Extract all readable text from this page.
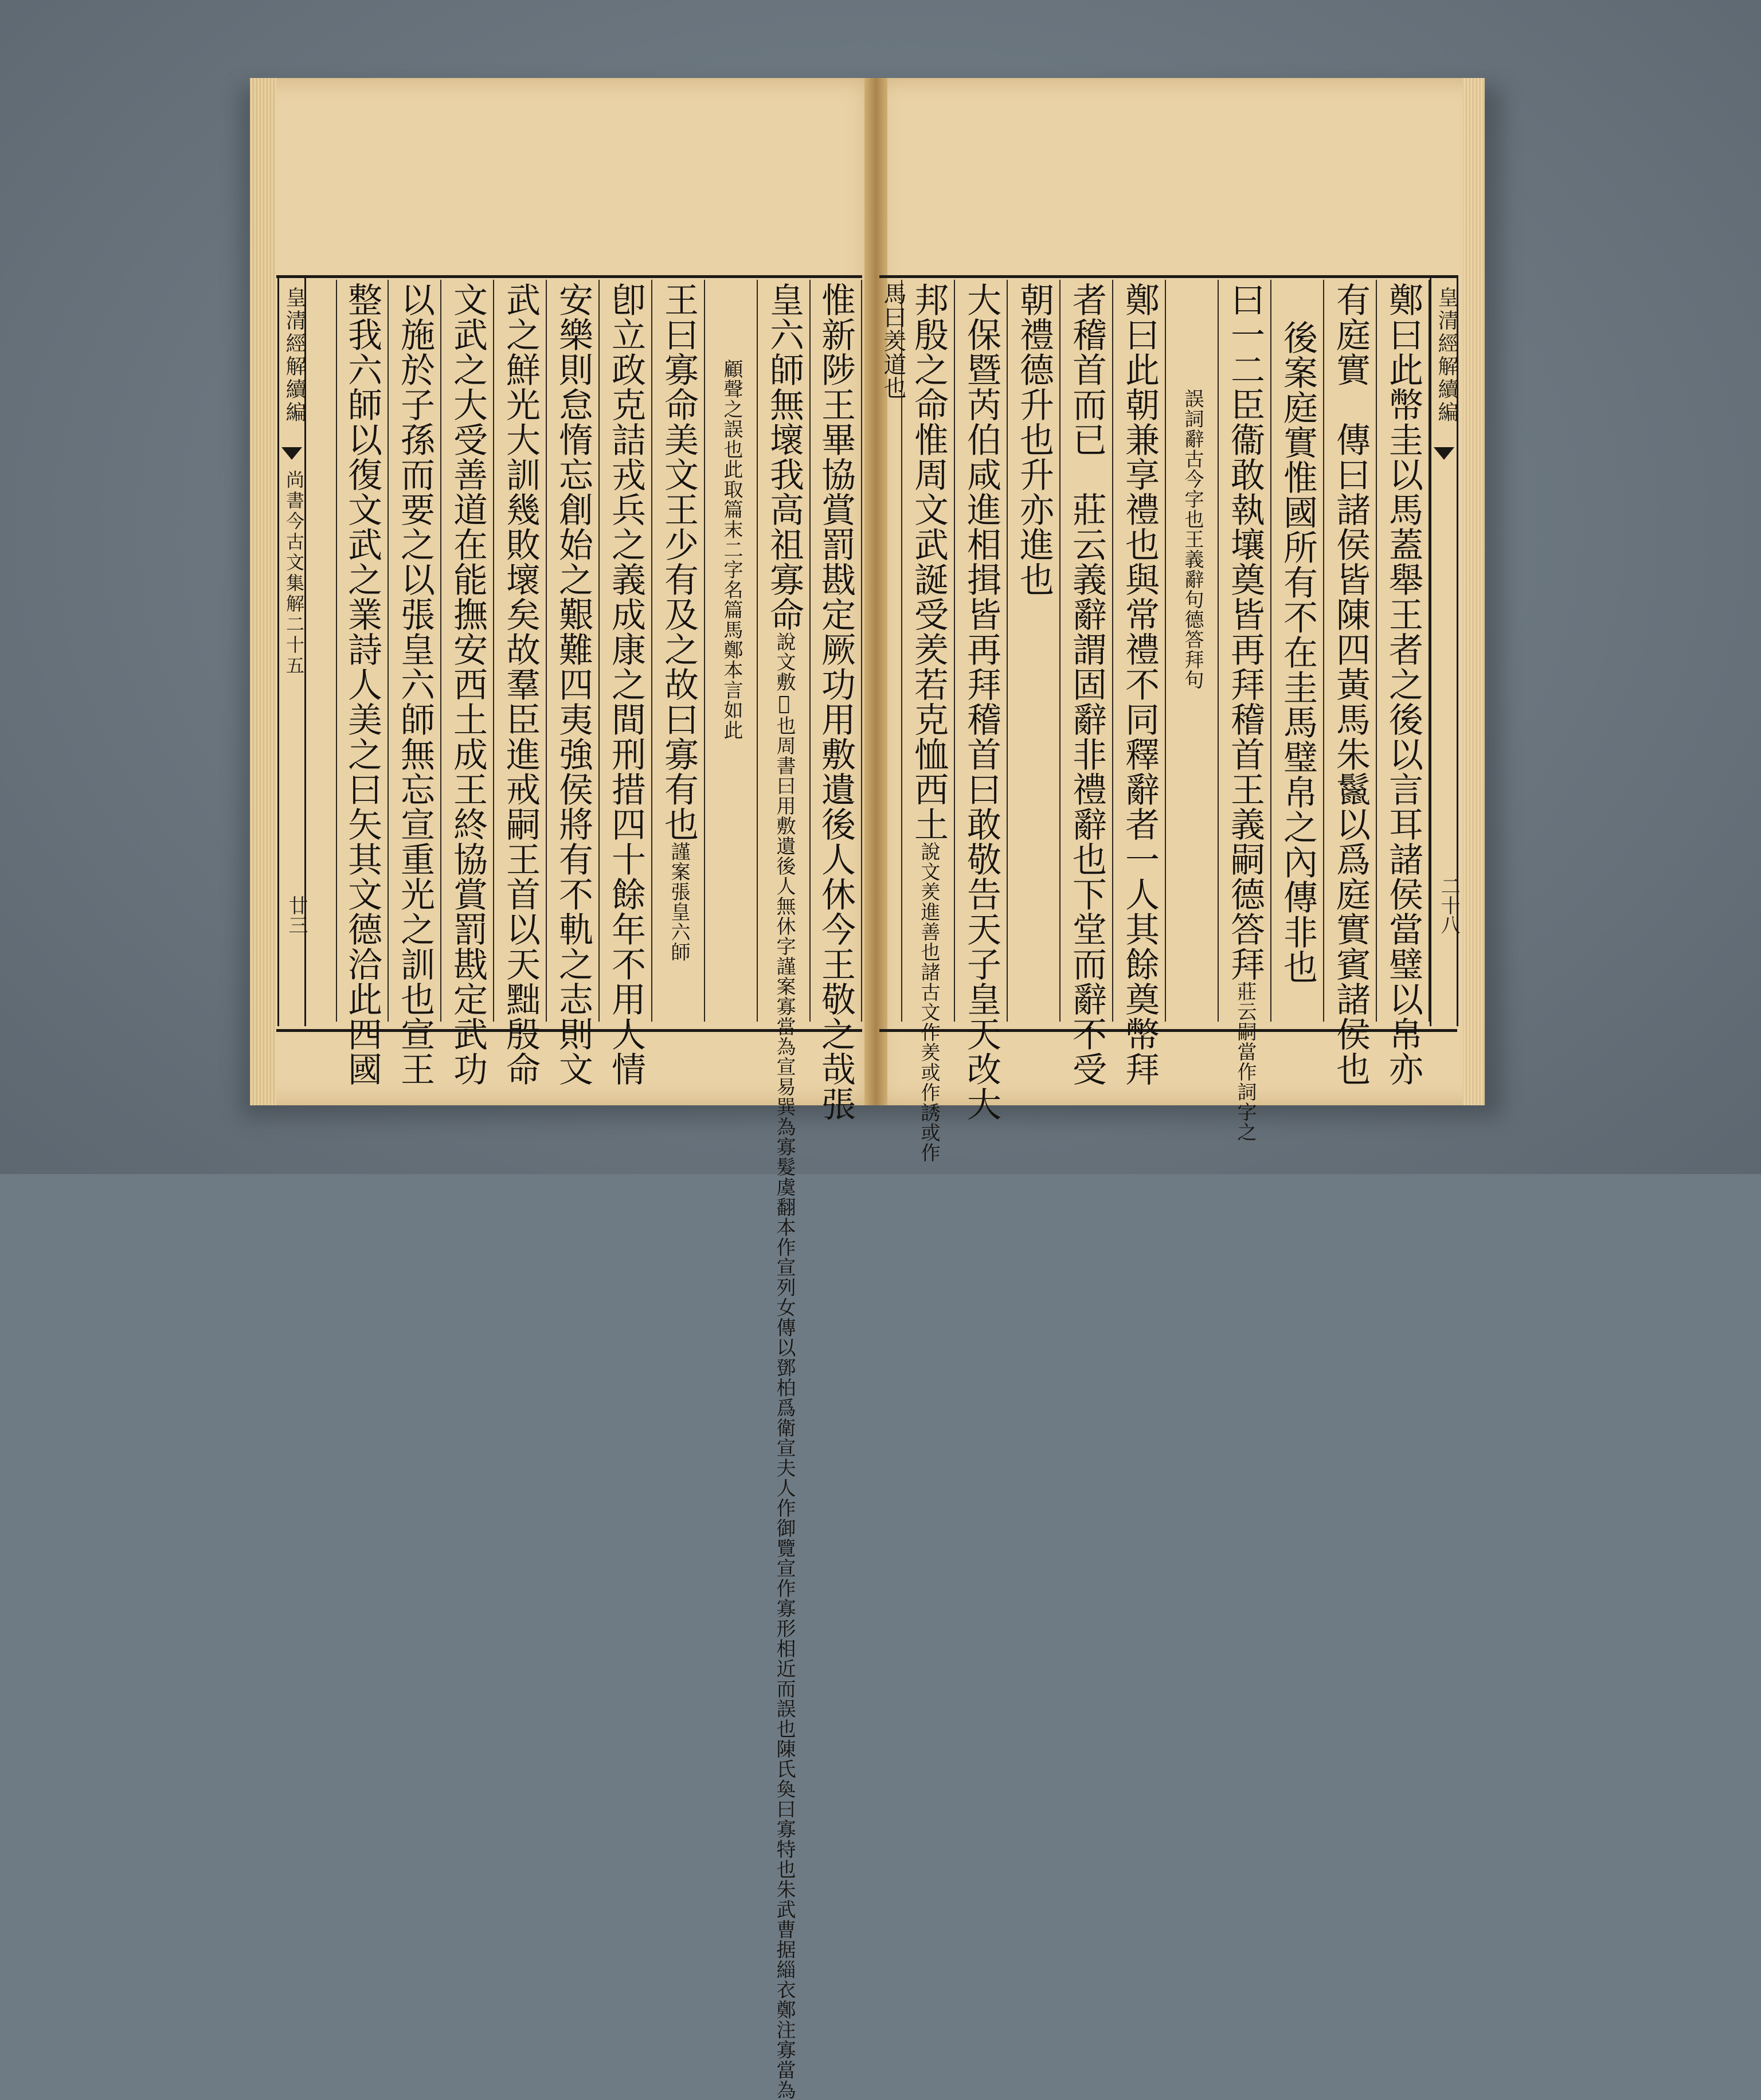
皇清經解續編
尚書今古文集解二十五
廿三
皇清經解續編
二十八
惟新陟王畢協賞罰戡定厥功用敷遺後人休今王敬之哉張
皇六師無壞我高祖寡命說文敷𢿱也周書曰用敷遺後人無休字謹案寡當為宣易巽為寡髮虞翻本作宣列女傳以鄧柏爲衛宣夫人作御覽宣作寡形相近而誤也陳氏奐曰寡特也朱武曹据緇衣鄭注寡當為
顧聲之誤也此取篇末二字名篇馬鄭本言如此
王曰寡命美文王少有及之故曰寡有也謹案張皇六師
卽立政克詰戎兵之義成康之間刑措四十餘年不用人情
安樂則怠惰忘創始之艱難四夷強侯將有不軌之志則文
武之鮮光大訓幾敗壞矣故羣臣進戒嗣王首以天黜殷命
文武之大受善道在能撫安西土成王終協賞罰戡定武功
以施於子孫而要之以張皇六師無忘宣重光之訓也宣王
整我六師以復文武之業詩人美之曰矢其文德洽此四國	鄭曰此幣圭以馬蓋舉王者之後以言耳諸侯當璧以帛亦
有庭實　傳曰諸侯皆陳四黃馬朱鬣以爲庭實賓諸侯也
後案庭實惟國所有不在圭馬璧帛之內傳非也
曰一二臣衞敢執壤奠皆再拜稽首王義嗣德答拜莊云嗣當作詞字之
誤詞辭古今字也王義辭句德答拜句
鄭曰此朝兼享禮也與常禮不同釋辭者一人其餘奠幣拜
者稽首而已　莊云義辭謂固辭非禮辭也下堂而辭不受
朝禮德升也升亦進也
大保暨芮伯咸進相揖皆再拜稽首曰敢敬告天子皇天改大
邦殷之命惟周文武誕受羑若克恤西土說文羑進善也諸古文作羑或作誘或作
馬曰羑道也
